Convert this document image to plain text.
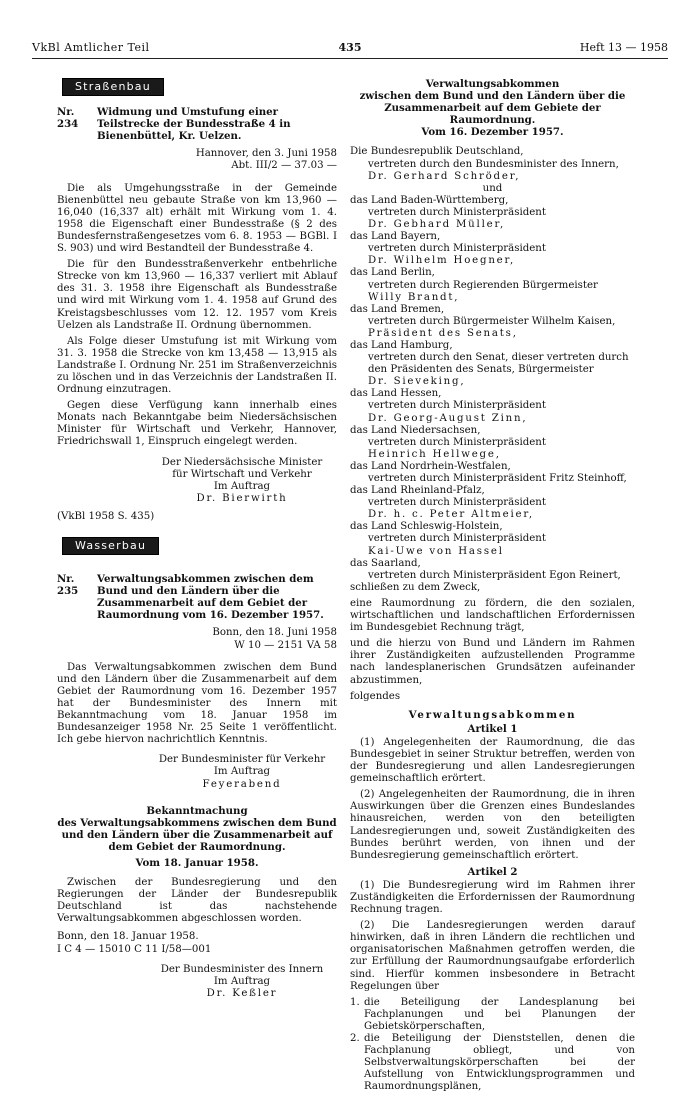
VkBl Amtlicher Teil	435	Heft 13 — 1958
Straßenbau
Nr. 234
Widmung und Umstufung einer Teilstrecke der Bundesstraße 4 in Bienenbüttel, Kr. Uelzen.
Hannover, den 3. Juni 1958
Abt. III/2 — 37.03 —

Die als Umgehungsstraße in der Gemeinde Bienenbüttel neu gebaute Straße von km 13,960 — 16,040 (16,337 alt) erhält mit Wirkung vom 1. 4. 1958 die Eigenschaft einer Bundesstraße (§ 2 des Bundesfernstraßengesetzes vom 6. 8. 1953 — BGBl. I S. 903) und wird Bestandteil der Bundesstraße 4.

Die für den Bundesstraßenverkehr entbehrliche Strecke von km 13,960 — 16,337 verliert mit Ablauf des 31. 3. 1958 ihre Eigenschaft als Bundesstraße und wird mit Wirkung vom 1. 4. 1958 auf Grund des Kreistagsbeschlusses vom 12. 12. 1957 vom Kreis Uelzen als Landstraße II. Ordnung übernommen.

Als Folge dieser Umstufung ist mit Wirkung vom 31. 3. 1958 die Strecke von km 13,458 — 13,915 als Landstraße I. Ordnung Nr. 251 im Straßenverzeichnis zu löschen und in das Verzeichnis der Landstraßen II. Ordnung einzutragen.

Gegen diese Verfügung kann innerhalb eines Monats nach Bekanntgabe beim Niedersächsischen Minister für Wirtschaft und Verkehr, Hannover, Friedrichswall 1, Einspruch eingelegt werden.

Der Niedersächsische Minister
für Wirtschaft und Verkehr
Im Auftrag
Dr. Bierwirth
(VkBl 1958 S. 435)
Wasserbau
Nr. 235
Verwaltungsabkommen zwischen dem Bund und den Ländern über die Zusammenarbeit auf dem Gebiet der Raumordnung vom 16. Dezember 1957.
Bonn, den 18. Juni 1958
W 10 — 2151 VA 58

Das Verwaltungsabkommen zwischen dem Bund und den Ländern über die Zusammenarbeit auf dem Gebiet der Raumordnung vom 16. Dezember 1957 hat der Bundesminister des Innern mit Bekanntmachung vom 18. Januar 1958 im Bundesanzeiger 1958 Nr. 25 Seite 1 veröffentlicht. Ich gebe hiervon nachrichtlich Kenntnis.

Der Bundesminister für Verkehr
Im Auftrag
Feyerabend
Bekanntmachung
des Verwaltungsabkommens zwischen dem Bund und den Ländern über die Zusammenarbeit auf dem Gebiet der Raumordnung.
Vom 18. Januar 1958.

Zwischen der Bundesregierung und den Regierungen der Länder der Bundesrepublik Deutschland ist das nachstehende Verwaltungsabkommen abgeschlossen worden.

Bonn, den 18. Januar 1958.
I C 4 — 15010 C 11 I/58—001
Der Bundesminister des Innern
Im Auftrag
Dr. Keßler
Verwaltungsabkommen
zwischen dem Bund und den Ländern über die Zusammenarbeit auf dem Gebiete der Raumordnung.
Vom 16. Dezember 1957.
Die Bundesrepublik Deutschland,
vertreten durch den Bundesminister des Innern,
Dr. Gerhard Schröder,
und
das Land Baden-Württemberg,
vertreten durch Ministerpräsident
Dr. Gebhard Müller,
das Land Bayern,
vertreten durch Ministerpräsident
Dr. Wilhelm Hoegner,
das Land Berlin,
vertreten durch Regierenden Bürgermeister
Willy Brandt,
das Land Bremen,
vertreten durch Bürgermeister Wilhelm Kaisen,
Präsident des Senats,
das Land Hamburg,
vertreten durch den Senat, dieser vertreten durch den Präsidenten des Senats, Bürgermeister
Dr. Sieveking,
das Land Hessen,
vertreten durch Ministerpräsident
Dr. Georg-August Zinn,
das Land Niedersachsen,
vertreten durch Ministerpräsident
Heinrich Hellwege,
das Land Nordrhein-Westfalen,
vertreten durch Ministerpräsident Fritz Steinhoff,
das Land Rheinland-Pfalz,
vertreten durch Ministerpräsident
Dr. h. c. Peter Altmeier,
das Land Schleswig-Holstein,
vertreten durch Ministerpräsident
Kai-Uwe von Hassel
das Saarland,
vertreten durch Ministerpräsident Egon Reinert,
schließen zu dem Zweck,

eine Raumordnung zu fördern, die den sozialen, wirtschaftlichen und landschaftlichen Erfordernissen im Bundesgebiet Rechnung trägt,

und die hierzu von Bund und Ländern im Rahmen ihrer Zuständigkeiten aufzustellenden Programme nach landesplanerischen Grundsätzen aufeinander abzustimmen,

folgendes
Verwaltungsabkommen
Artikel 1

(1) Angelegenheiten der Raumordnung, die das Bundesgebiet in seiner Struktur betreffen, werden von der Bundesregierung und allen Landesregierungen gemeinschaftlich erörtert.

(2) Angelegenheiten der Raumordnung, die in ihren Auswirkungen über die Grenzen eines Bundeslandes hinausreichen, werden von den beteiligten Landesregierungen und, soweit Zuständigkeiten des Bundes berührt werden, von ihnen und der Bundesregierung gemeinschaftlich erörtert.

Artikel 2

(1) Die Bundesregierung wird im Rahmen ihrer Zuständigkeiten die Erfordernissen der Raumordnung Rechnung tragen.

(2) Die Landesregierungen werden darauf hinwirken, daß in ihren Ländern die rechtlichen und organisatorischen Maßnahmen getroffen werden, die zur Erfüllung der Raumordnungsaufgabe erforderlich sind. Hierfür kommen insbesondere in Betracht Regelungen über

1. die Beteiligung der Landesplanung bei Fachplanungen und bei Planungen der Gebietskörperschaften,
2. die Beteiligung der Dienststellen, denen die Fachplanung obliegt, und von Selbstverwaltungskörperschaften bei der Aufstellung von Entwicklungsprogrammen und Raumordnungsplänen,
